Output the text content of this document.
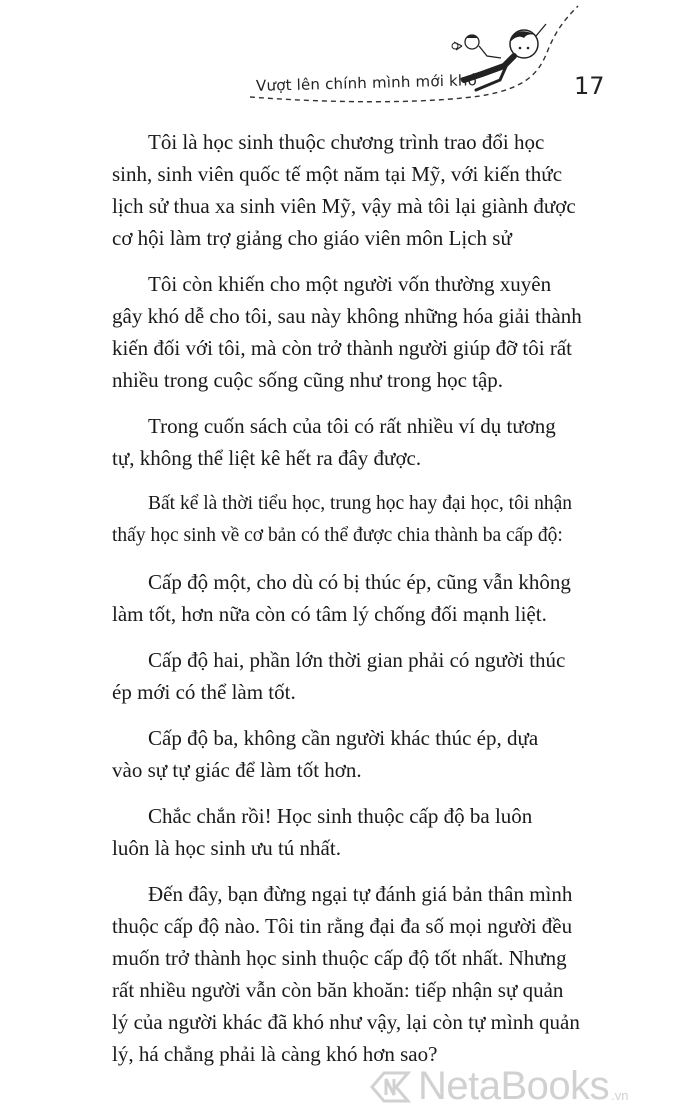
Vượt lên chính mình mới khó	17

Tôi là học sinh thuộc chương trình trao đổi học
sinh, sinh viên quốc tế một năm tại Mỹ, với kiến thức
lịch sử thua xa sinh viên Mỹ, vậy mà tôi lại giành được
cơ hội làm trợ giảng cho giáo viên môn Lịch sử

Tôi còn khiến cho một người vốn thường xuyên
gây khó dễ cho tôi, sau này không những hóa giải thành
kiến đối với tôi, mà còn trở thành người giúp đỡ tôi rất
nhiều trong cuộc sống cũng như trong học tập.

Trong cuốn sách của tôi có rất nhiều ví dụ tương
tự, không thể liệt kê hết ra đây được.

Bất kể là thời tiểu học, trung học hay đại học, tôi nhận
thấy học sinh về cơ bản có thể được chia thành ba cấp độ:

Cấp độ một, cho dù có bị thúc ép, cũng vẫn không
làm tốt, hơn nữa còn có tâm lý chống đối mạnh liệt.

Cấp độ hai, phần lớn thời gian phải có người thúc
ép mới có thể làm tốt.

Cấp độ ba, không cần người khác thúc ép, dựa
vào sự tự giác để làm tốt hơn.

Chắc chắn rồi! Học sinh thuộc cấp độ ba luôn
luôn là học sinh ưu tú nhất.

Đến đây, bạn đừng ngại tự đánh giá bản thân mình
thuộc cấp độ nào. Tôi tin rằng đại đa số mọi người đều
muốn trở thành học sinh thuộc cấp độ tốt nhất. Nhưng
rất nhiều người vẫn còn băn khoăn: tiếp nhận sự quản
lý của người khác đã khó như vậy, lại còn tự mình quản
lý, há chẳng phải là càng khó hơn sao?

NetaBooks .vn
